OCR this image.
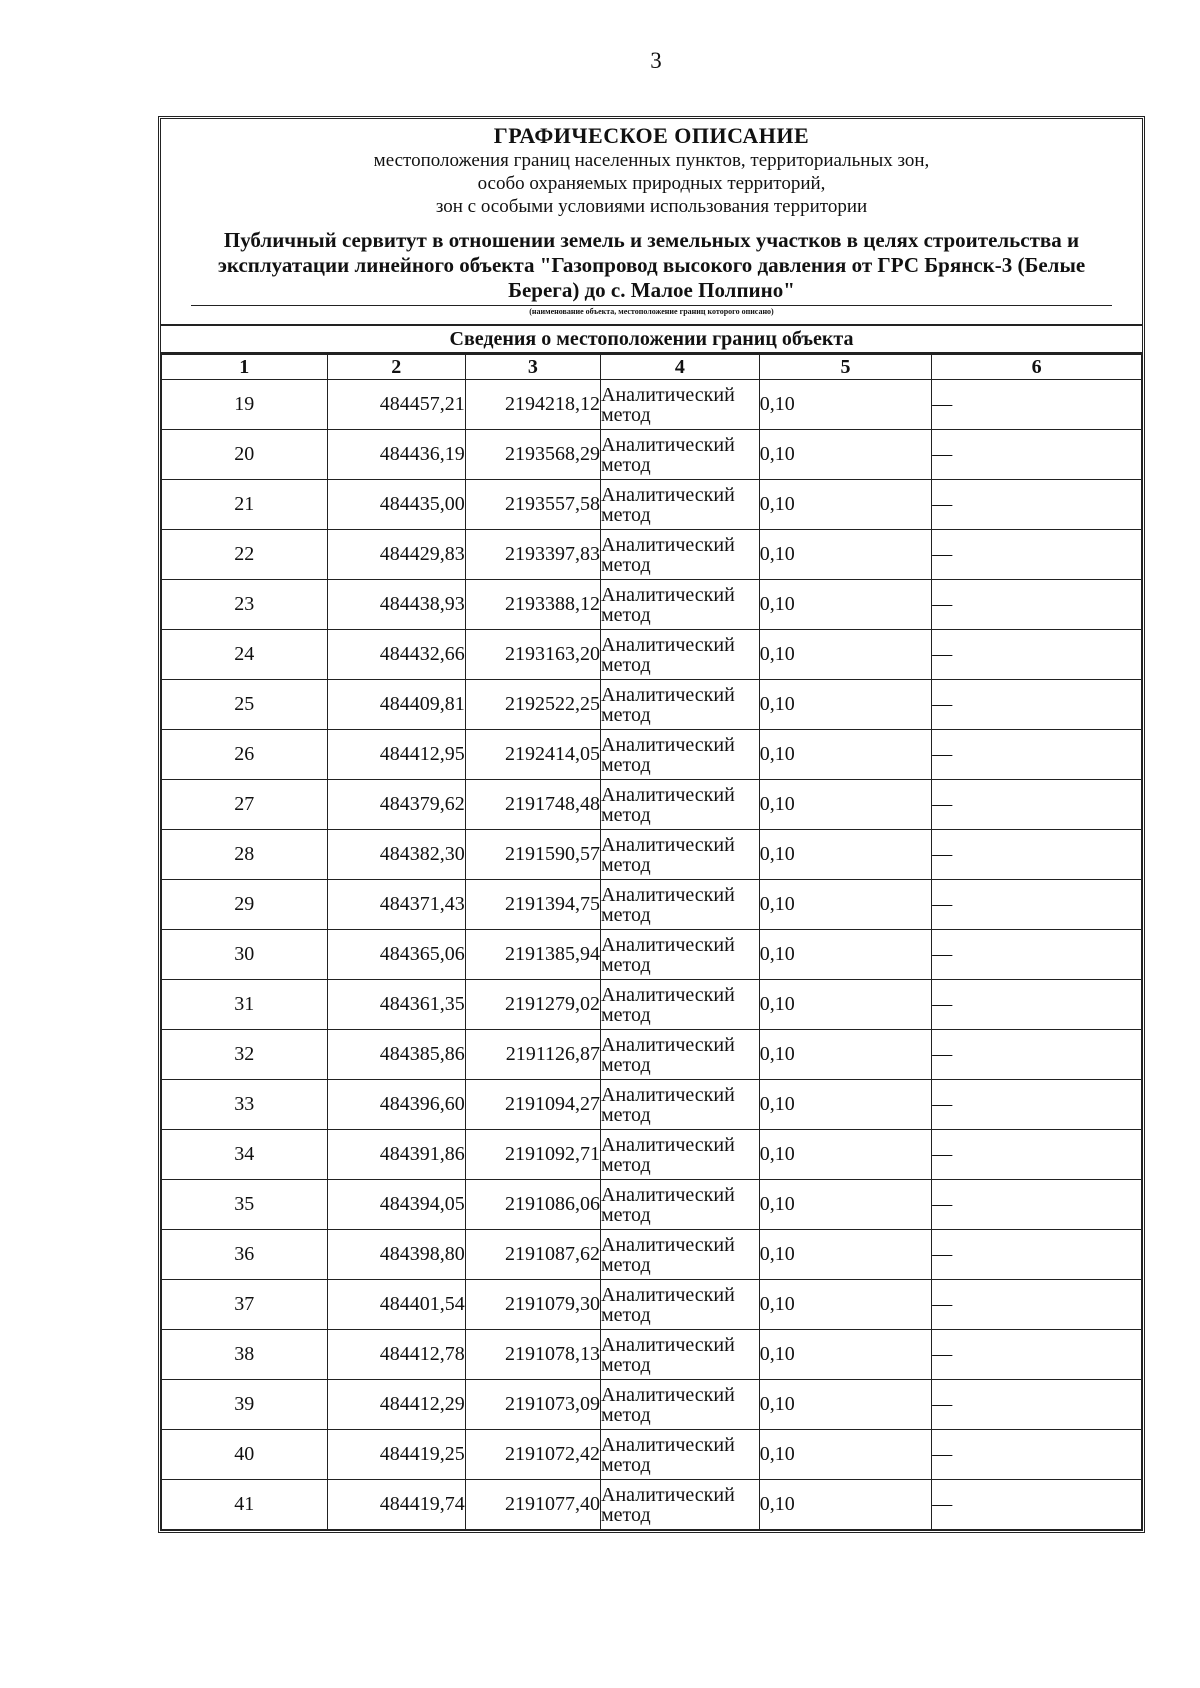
3
ГРАФИЧЕСКОЕ ОПИСАНИЕ
местоположения границ населенных пунктов, территориальных зон,
особо охраняемых природных территорий,
зон с особыми условиями использования территории
Публичный сервитут в отношении земель и земельных участков в целях строительства и
эксплуатации линейного объекта "Газопровод высокого давления от ГРС Брянск-3 (Белые
Берега) до с. Малое Полпино"
(наименование объекта, местоположение границ которого описано)
Сведения о местоположении границ объекта
1	2	3	4	5	6
19	484457,21	2194218,12	Аналитический метод	0,10	—
20	484436,19	2193568,29	Аналитический метод	0,10	—
21	484435,00	2193557,58	Аналитический метод	0,10	—
22	484429,83	2193397,83	Аналитический метод	0,10	—
23	484438,93	2193388,12	Аналитический метод	0,10	—
24	484432,66	2193163,20	Аналитический метод	0,10	—
25	484409,81	2192522,25	Аналитический метод	0,10	—
26	484412,95	2192414,05	Аналитический метод	0,10	—
27	484379,62	2191748,48	Аналитический метод	0,10	—
28	484382,30	2191590,57	Аналитический метод	0,10	—
29	484371,43	2191394,75	Аналитический метод	0,10	—
30	484365,06	2191385,94	Аналитический метод	0,10	—
31	484361,35	2191279,02	Аналитический метод	0,10	—
32	484385,86	2191126,87	Аналитический метод	0,10	—
33	484396,60	2191094,27	Аналитический метод	0,10	—
34	484391,86	2191092,71	Аналитический метод	0,10	—
35	484394,05	2191086,06	Аналитический метод	0,10	—
36	484398,80	2191087,62	Аналитический метод	0,10	—
37	484401,54	2191079,30	Аналитический метод	0,10	—
38	484412,78	2191078,13	Аналитический метод	0,10	—
39	484412,29	2191073,09	Аналитический метод	0,10	—
40	484419,25	2191072,42	Аналитический метод	0,10	—
41	484419,74	2191077,40	Аналитический метод	0,10	—
